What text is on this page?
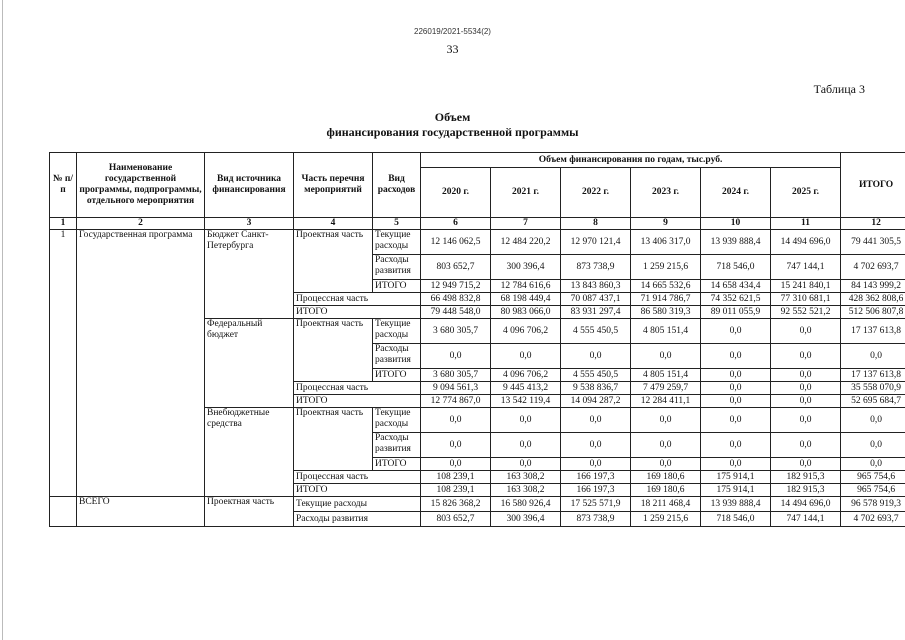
226019/2021-5534(2)
33
Таблица 3
Объем
финансирования государственной программы
№ п/п	Наименование государственной программы, подпрограммы, отдельного мероприятия	Вид источника финансирования	Часть перечня мероприятий	Вид расходов	Объем финансирования по годам, тыс.руб.						ИТОГО
					2020 г.	2021 г.	2022 г.	2023 г.	2024 г.	2025 г.	
1	2	3	4	5	6	7	8	9	10	11	12
1	Государственная программа	Бюджет Санкт-Петербурга	Проектная часть	Текущие расходы	12 146 062,5	12 484 220,2	12 970 121,4	13 406 317,0	13 939 888,4	14 494 696,0	79 441 305,5
				Расходы развития	803 652,7	300 396,4	873 738,9	1 259 215,6	718 546,0	747 144,1	4 702 693,7
				ИТОГО	12 949 715,2	12 784 616,6	13 843 860,3	14 665 532,6	14 658 434,4	15 241 840,1	84 143 999,2
			Процессная часть		66 498 832,8	68 198 449,4	70 087 437,1	71 914 786,7	74 352 621,5	77 310 681,1	428 362 808,6
			ИТОГО		79 448 548,0	80 983 066,0	83 931 297,4	86 580 319,3	89 011 055,9	92 552 521,2	512 506 807,8
		Федеральный бюджет	Проектная часть	Текущие расходы	3 680 305,7	4 096 706,2	4 555 450,5	4 805 151,4	0,0	0,0	17 137 613,8
				Расходы развития	0,0	0,0	0,0	0,0	0,0	0,0	0,0
				ИТОГО	3 680 305,7	4 096 706,2	4 555 450,5	4 805 151,4	0,0	0,0	17 137 613,8
			Процессная часть		9 094 561,3	9 445 413,2	9 538 836,7	7 479 259,7	0,0	0,0	35 558 070,9
			ИТОГО		12 774 867,0	13 542 119,4	14 094 287,2	12 284 411,1	0,0	0,0	52 695 684,7
		Внебюджетные средства	Проектная часть	Текущие расходы	0,0	0,0	0,0	0,0	0,0	0,0	0,0
				Расходы развития	0,0	0,0	0,0	0,0	0,0	0,0	0,0
				ИТОГО	0,0	0,0	0,0	0,0	0,0	0,0	0,0
			Процессная часть		108 239,1	163 308,2	166 197,3	169 180,6	175 914,1	182 915,3	965 754,6
			ИТОГО		108 239,1	163 308,2	166 197,3	169 180,6	175 914,1	182 915,3	965 754,6
	ВСЕГО	Проектная часть	Текущие расходы		15 826 368,2	16 580 926,4	17 525 571,9	18 211 468,4	13 939 888,4	14 494 696,0	96 578 919,3
			Расходы развития		803 652,7	300 396,4	873 738,9	1 259 215,6	718 546,0	747 144,1	4 702 693,7
